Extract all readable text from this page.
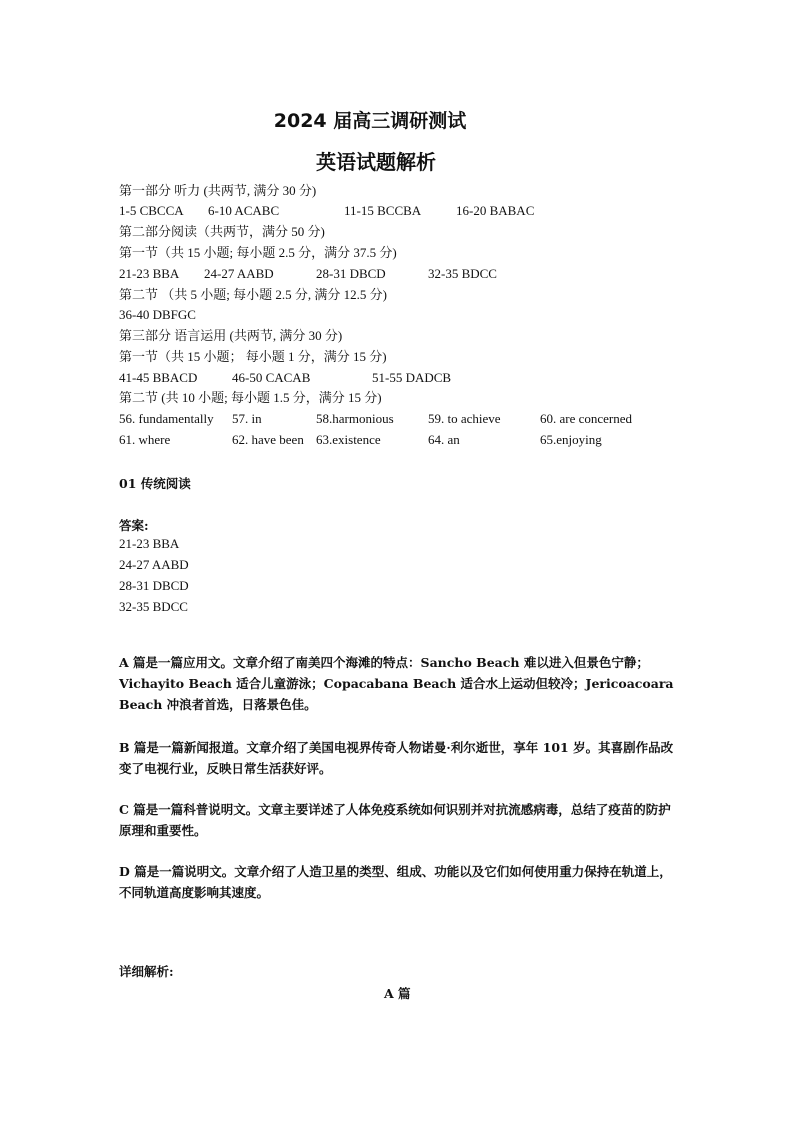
2024 届高三调研测试
英语试题解析
第一部分 听力 (共两节, 满分 30 分)
1-5 CBCCA 6-10 ACABC	11-15 BCCBA	16-20 BABAC
第二部分阅读（共两节，满分 50 分)
第一节（共 15 小题; 每小题 2.5 分，满分 37.5 分)
21-23 BBA 24-27 AABD	28-31 DBCD	32-35 BDCC
第二节 （共 5 小题; 每小题 2.5 分, 满分 12.5 分)
36-40 DBFGC
第三部分 语言运用 (共两节, 满分 30 分)
第一节（共 15 小题； 每小题 1 分，满分 15 分)
41-45 BBACD	46-50 CACAB	51-55 DADCB
第二节 (共 10 小题; 每小题 1.5 分，满分 15 分)
56. fundamentally 57. in	58.harmonious	59. to achieve	60. are concerned
61. where	62. have been 63.existence	64. an	65.enjoying
01 传统阅读
答案:
21-23 BBA
24-27 AABD
28-31 DBCD
32-35 BDCC
A 篇是一篇应用文。文章介绍了南美四个海滩的特点：Sancho Beach 难以进入但景色宁静；Vichayito Beach 适合儿童游泳；Copacabana Beach 适合水上运动但较冷；Jericoacoara Beach 冲浪者首选，日落景色佳。
B 篇是一篇新闻报道。文章介绍了美国电视界传奇人物诺曼·利尔逝世，享年 101 岁。其喜剧作品改变了电视行业，反映日常生活获好评。
C 篇是一篇科普说明文。文章主要详述了人体免疫系统如何识别并对抗流感病毒，总结了疫苗的防护原理和重要性。
D 篇是一篇说明文。文章介绍了人造卫星的类型、组成、功能以及它们如何使用重力保持在轨道上，不同轨道高度影响其速度。
详细解析:
A 篇
